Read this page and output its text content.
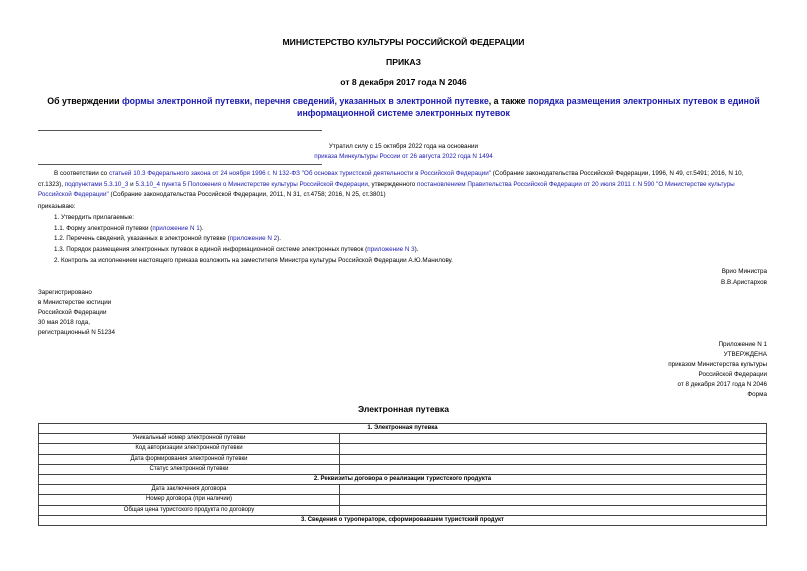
МИНИСТЕРСТВО КУЛЬТУРЫ РОССИЙСКОЙ ФЕДЕРАЦИИ
ПРИКАЗ
от 8 декабря 2017 года N 2046
Об утверждении формы электронной путевки, перечня сведений, указанных в электронной путевке, а также порядка размещения электронных путевок в единой
информационной системе электронных путевок
Утратил силу с 15 октября 2022 года на основании
приказа Минкультуры России от 26 августа 2022 года N 1494
В соответствии со статьей 10.3 Федерального закона от 24 ноября 1996 г. N 132-ФЗ "Об основах туристской деятельности в Российской Федерации" (Собрание законодательства Российской Федерации, 1996, N 49, ст.5491; 2016, N 10, ст.1323), подпунктами 5.3.10_3 и 5.3.10_4 пункта 5 Положения о Министерстве культуры Российской Федерации, утвержденного постановлением Правительства Российской Федерации от 20 июля 2011 г. N 590 "О Министерстве культуры Российской Федерации" (Собрание законодательства Российской Федерации, 2011, N 31, ст.4758; 2016, N 25, ст.3801)
приказываю:
1. Утвердить прилагаемые:
1.1. Форму электронной путевки (приложение N 1).
1.2. Перечень сведений, указанных в электронной путевке (приложение N 2).
1.3. Порядок размещения электронных путевок в единой информационной системе электронных путевок (приложение N 3).
2. Контроль за исполнением настоящего приказа возложить на заместителя Министра культуры Российской Федерации А.Ю.Манилову.
Врио Министра
В.В.Аристархов
Зарегистрировано
в Министерстве юстиции
Российской Федерации
30 мая 2018 года,
регистрационный N 51234
Приложение N 1
УТВЕРЖДЕНА
приказом Министерства культуры
Российской Федерации
от 8 декабря 2017 года N 2046
Форма
Электронная путевка
1. Электронная путевка	
Уникальный номер электронной путевки	
Код авторизации электронной путевки	
Дата формирования электронной путевки	
Статус электронной путевки	
2. Реквизиты договора о реализации туристского продукта	
Дата заключения договора	
Номер договора (при наличии)	
Общая цена туристского продукта по договору	
3. Сведения о туроператоре, сформировавшем туристский продукт	
